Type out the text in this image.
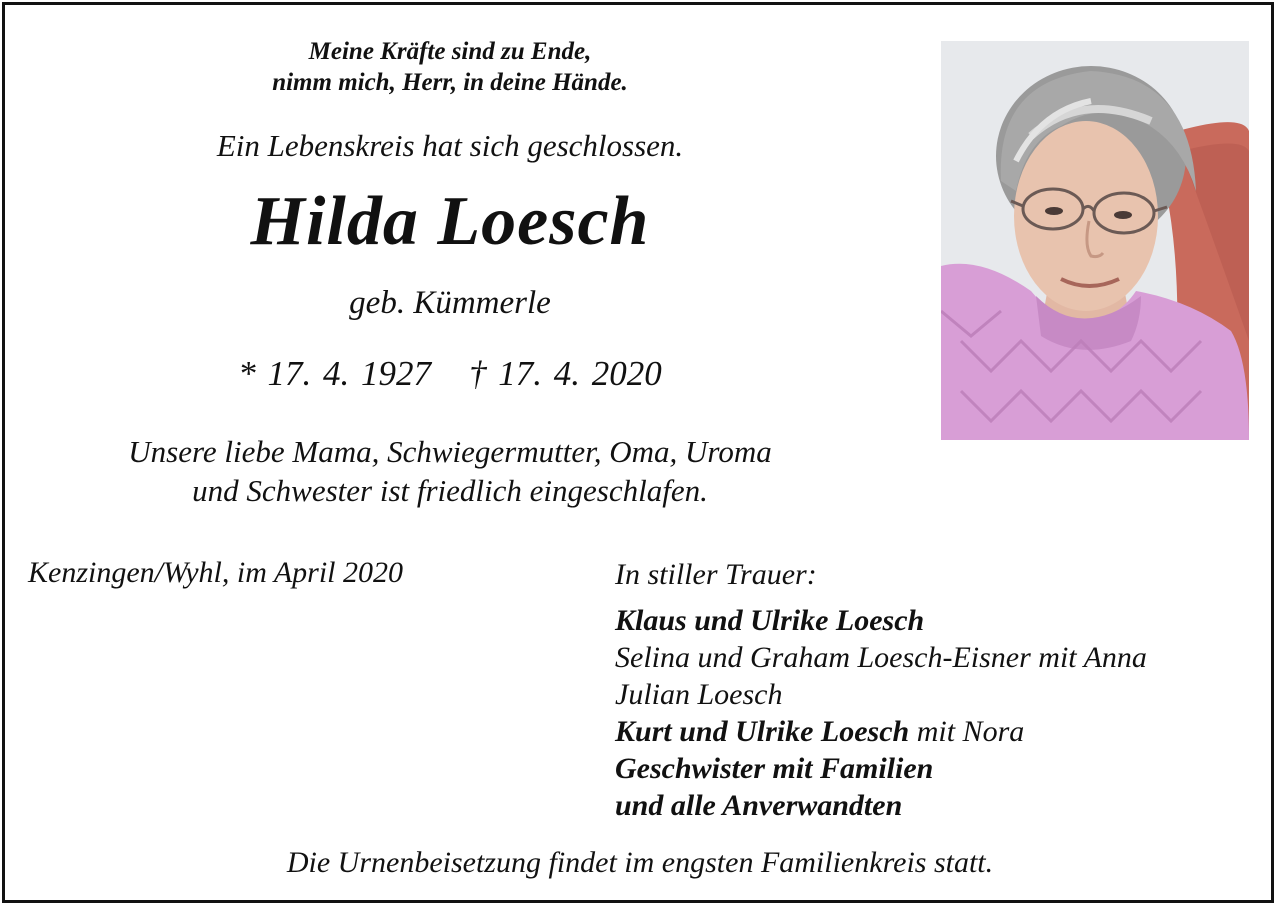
Meine Kräfte sind zu Ende,
nimm mich, Herr, in deine Hände.
Ein Lebenskreis hat sich geschlossen.
Hilda Loesch
geb. Kümmerle
* 17. 4. 1927 † 17. 4. 2020
Unsere liebe Mama, Schwiegermutter, Oma, Uroma
und Schwester ist friedlich eingeschlafen.
Kenzingen/Wyhl, im April 2020	In stiller Trauer:
Klaus und Ulrike Loesch
Selina und Graham Loesch-Eisner mit Anna
Julian Loesch
Kurt und Ulrike Loesch mit Nora
Geschwister mit Familien
und alle Anverwandten
Die Urnenbeisetzung findet im engsten Familienkreis statt.
